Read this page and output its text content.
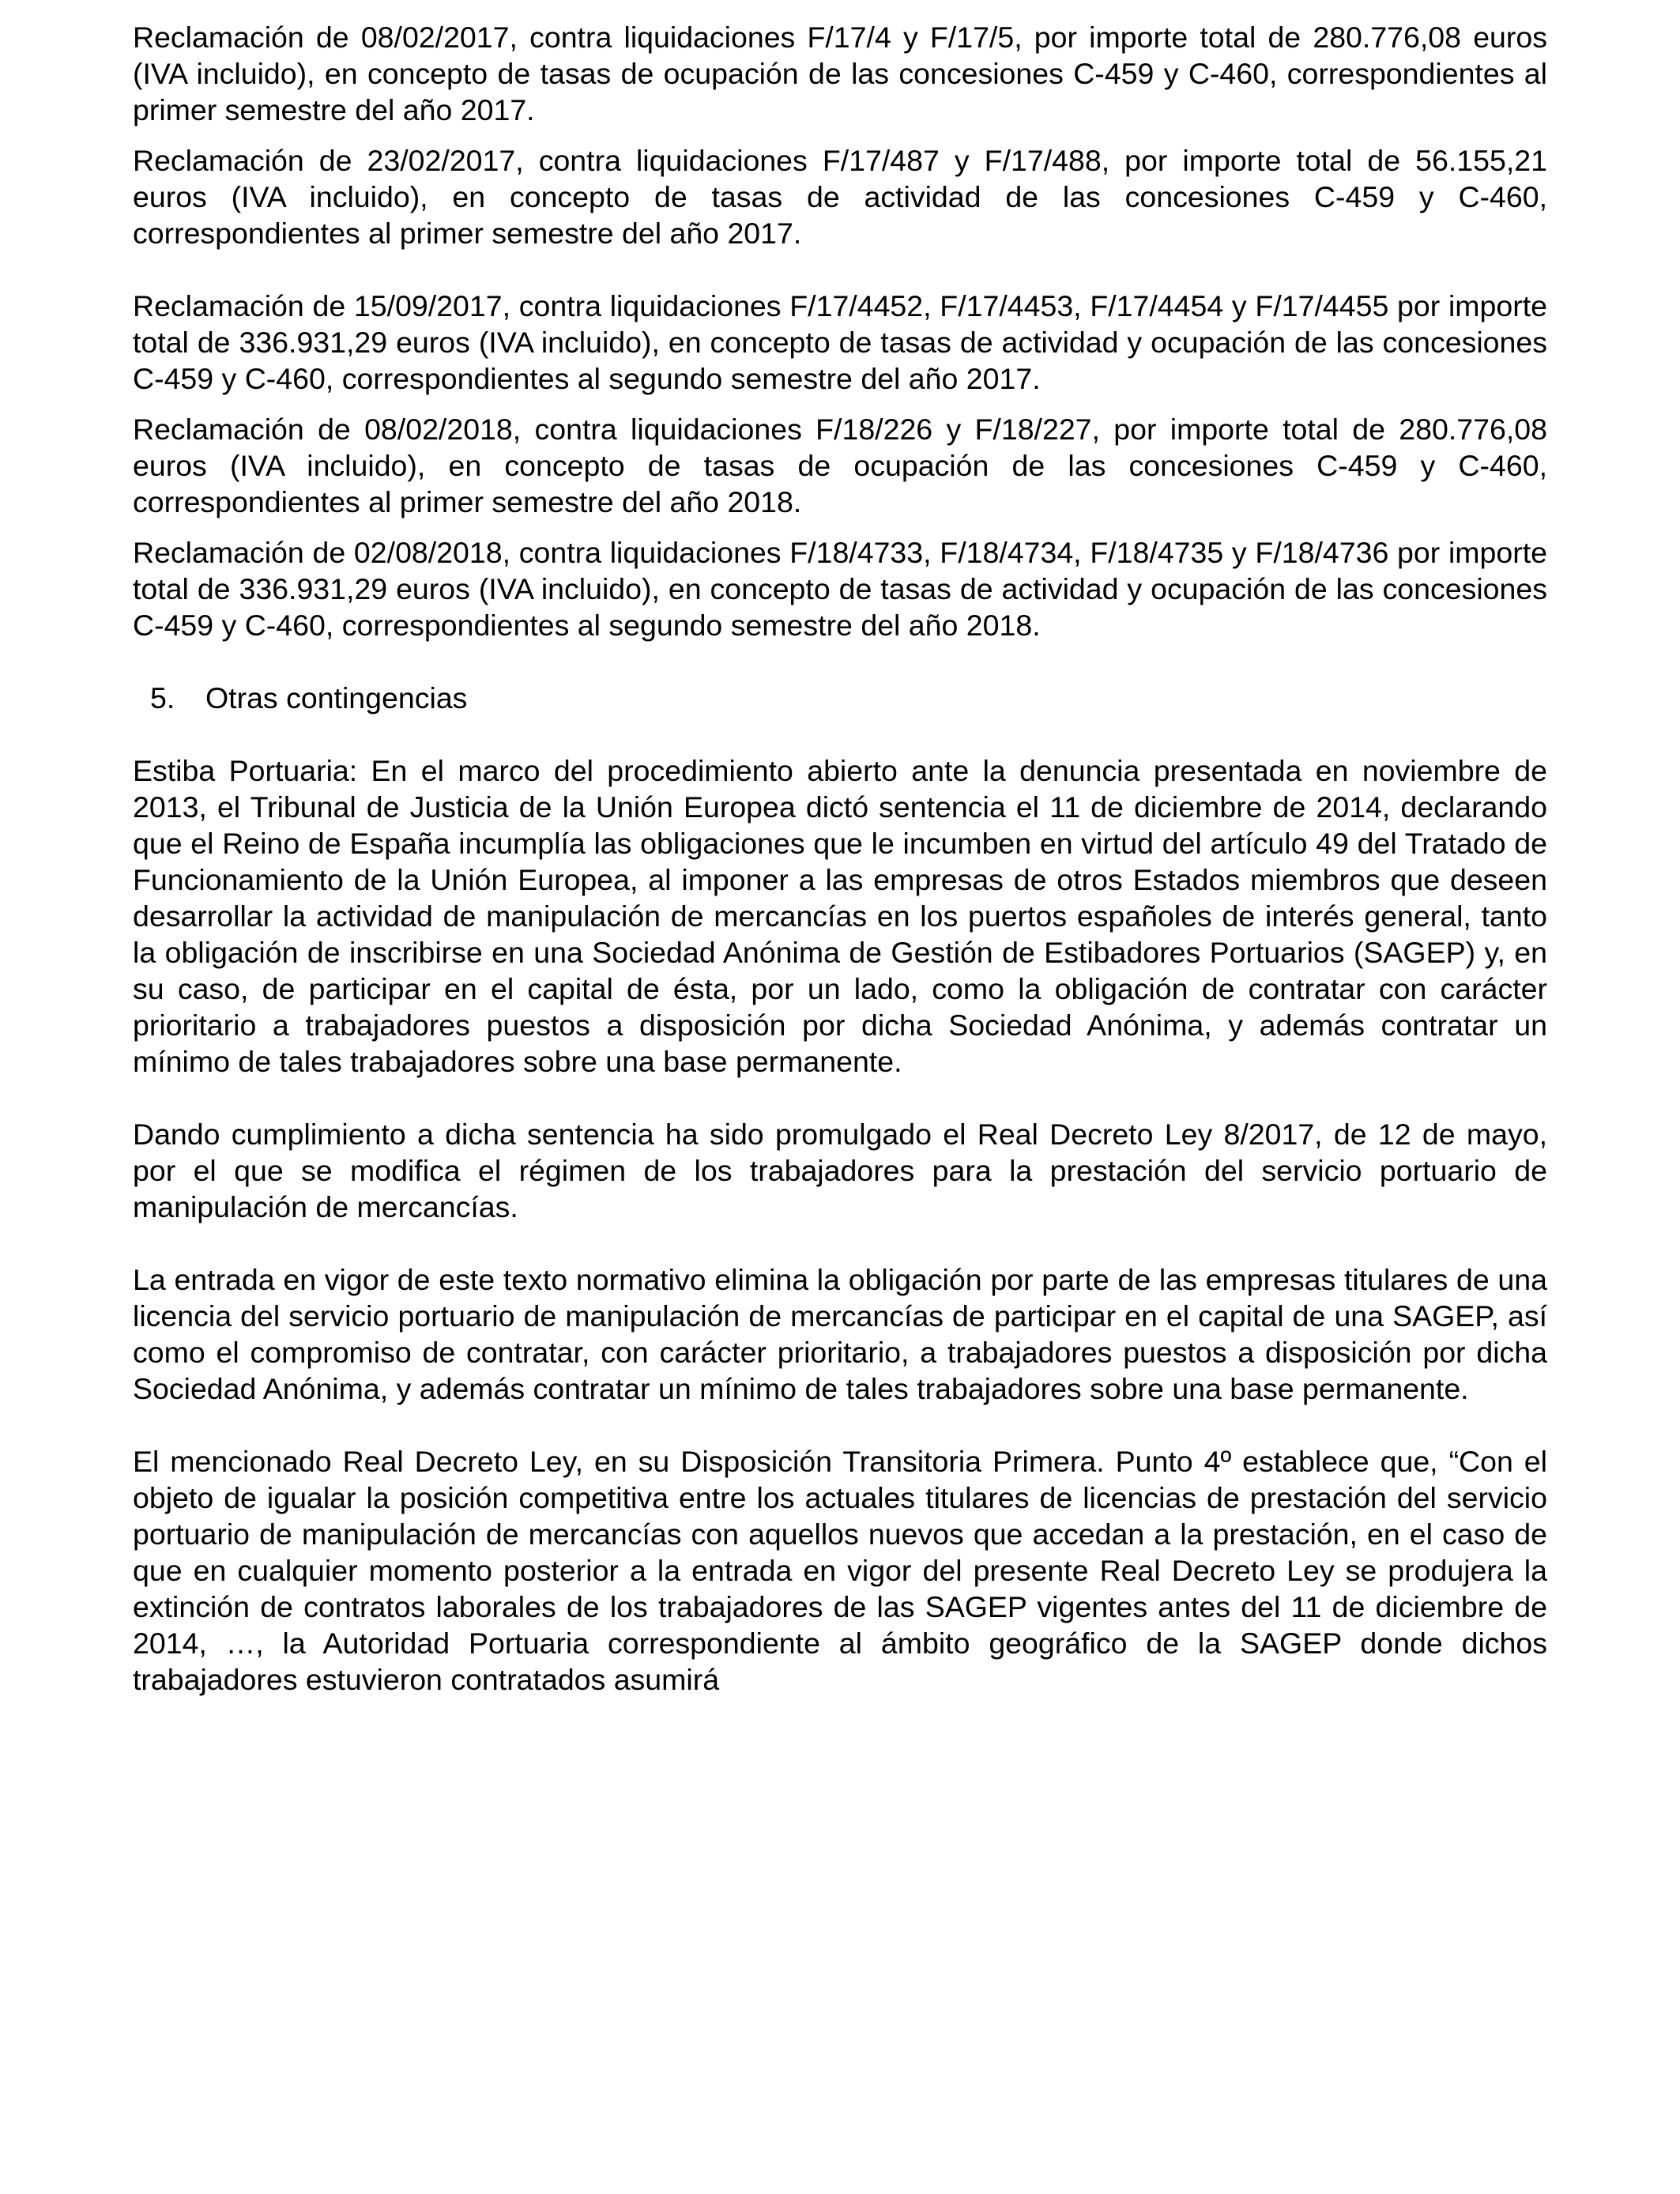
Reclamación de 08/02/2017, contra liquidaciones F/17/4 y F/17/5, por importe total de 280.776,08 euros (IVA incluido), en concepto de tasas de ocupación de las concesiones C-459 y C-460, correspondientes al primer semestre del año 2017.

Reclamación de 23/02/2017, contra liquidaciones F/17/487 y F/17/488, por importe total de 56.155,21 euros (IVA incluido), en concepto de tasas de actividad de las concesiones C-459 y C-460, correspondientes al primer semestre del año 2017.

Reclamación de 15/09/2017, contra liquidaciones F/17/4452, F/17/4453, F/17/4454 y F/17/4455 por importe total de 336.931,29 euros (IVA incluido), en concepto de tasas de actividad y ocupación de las concesiones C-459 y C-460, correspondientes al segundo semestre del año 2017.

Reclamación de 08/02/2018, contra liquidaciones F/18/226 y F/18/227, por importe total de 280.776,08 euros (IVA incluido), en concepto de tasas de ocupación de las concesiones C-459 y C-460, correspondientes al primer semestre del año 2018.

Reclamación de 02/08/2018, contra liquidaciones F/18/4733, F/18/4734, F/18/4735 y F/18/4736 por importe total de 336.931,29 euros (IVA incluido), en concepto de tasas de actividad y ocupación de las concesiones C-459 y C-460, correspondientes al segundo semestre del año 2018.

5.	Otras contingencias

Estiba Portuaria: En el marco del procedimiento abierto ante la denuncia presentada en noviembre de 2013, el Tribunal de Justicia de la Unión Europea dictó sentencia el 11 de diciembre de 2014, declarando que el Reino de España incumplía las obligaciones que le incumben en virtud del artículo 49 del Tratado de Funcionamiento de la Unión Europea, al imponer a las empresas de otros Estados miembros que deseen desarrollar la actividad de manipulación de mercancías en los puertos españoles de interés general, tanto la obligación de inscribirse en una Sociedad Anónima de Gestión de Estibadores Portuarios (SAGEP) y, en su caso, de participar en el capital de ésta, por un lado, como la obligación de contratar con carácter prioritario a trabajadores puestos a disposición por dicha Sociedad Anónima, y además contratar un mínimo de tales trabajadores sobre una base permanente.

Dando cumplimiento a dicha sentencia ha sido promulgado el Real Decreto Ley 8/2017, de 12 de mayo, por el que se modifica el régimen de los trabajadores para la prestación del servicio portuario de manipulación de mercancías.

La entrada en vigor de este texto normativo elimina la obligación por parte de las empresas titulares de una licencia del servicio portuario de manipulación de mercancías de participar en el capital de una SAGEP, así como el compromiso de contratar, con carácter prioritario, a trabajadores puestos a disposición por dicha Sociedad Anónima, y además contratar un mínimo de tales trabajadores sobre una base permanente.

El mencionado Real Decreto Ley, en su Disposición Transitoria Primera. Punto 4º establece que, “Con el objeto de igualar la posición competitiva entre los actuales titulares de licencias de prestación del servicio portuario de manipulación de mercancías con aquellos nuevos que accedan a la prestación, en el caso de que en cualquier momento posterior a la entrada en vigor del presente Real Decreto Ley se produjera la extinción de contratos laborales de los trabajadores de las SAGEP vigentes antes del 11 de diciembre de 2014, …, la Autoridad Portuaria correspondiente al ámbito geográfico de la SAGEP donde dichos trabajadores estuvieron contratados asumirá
